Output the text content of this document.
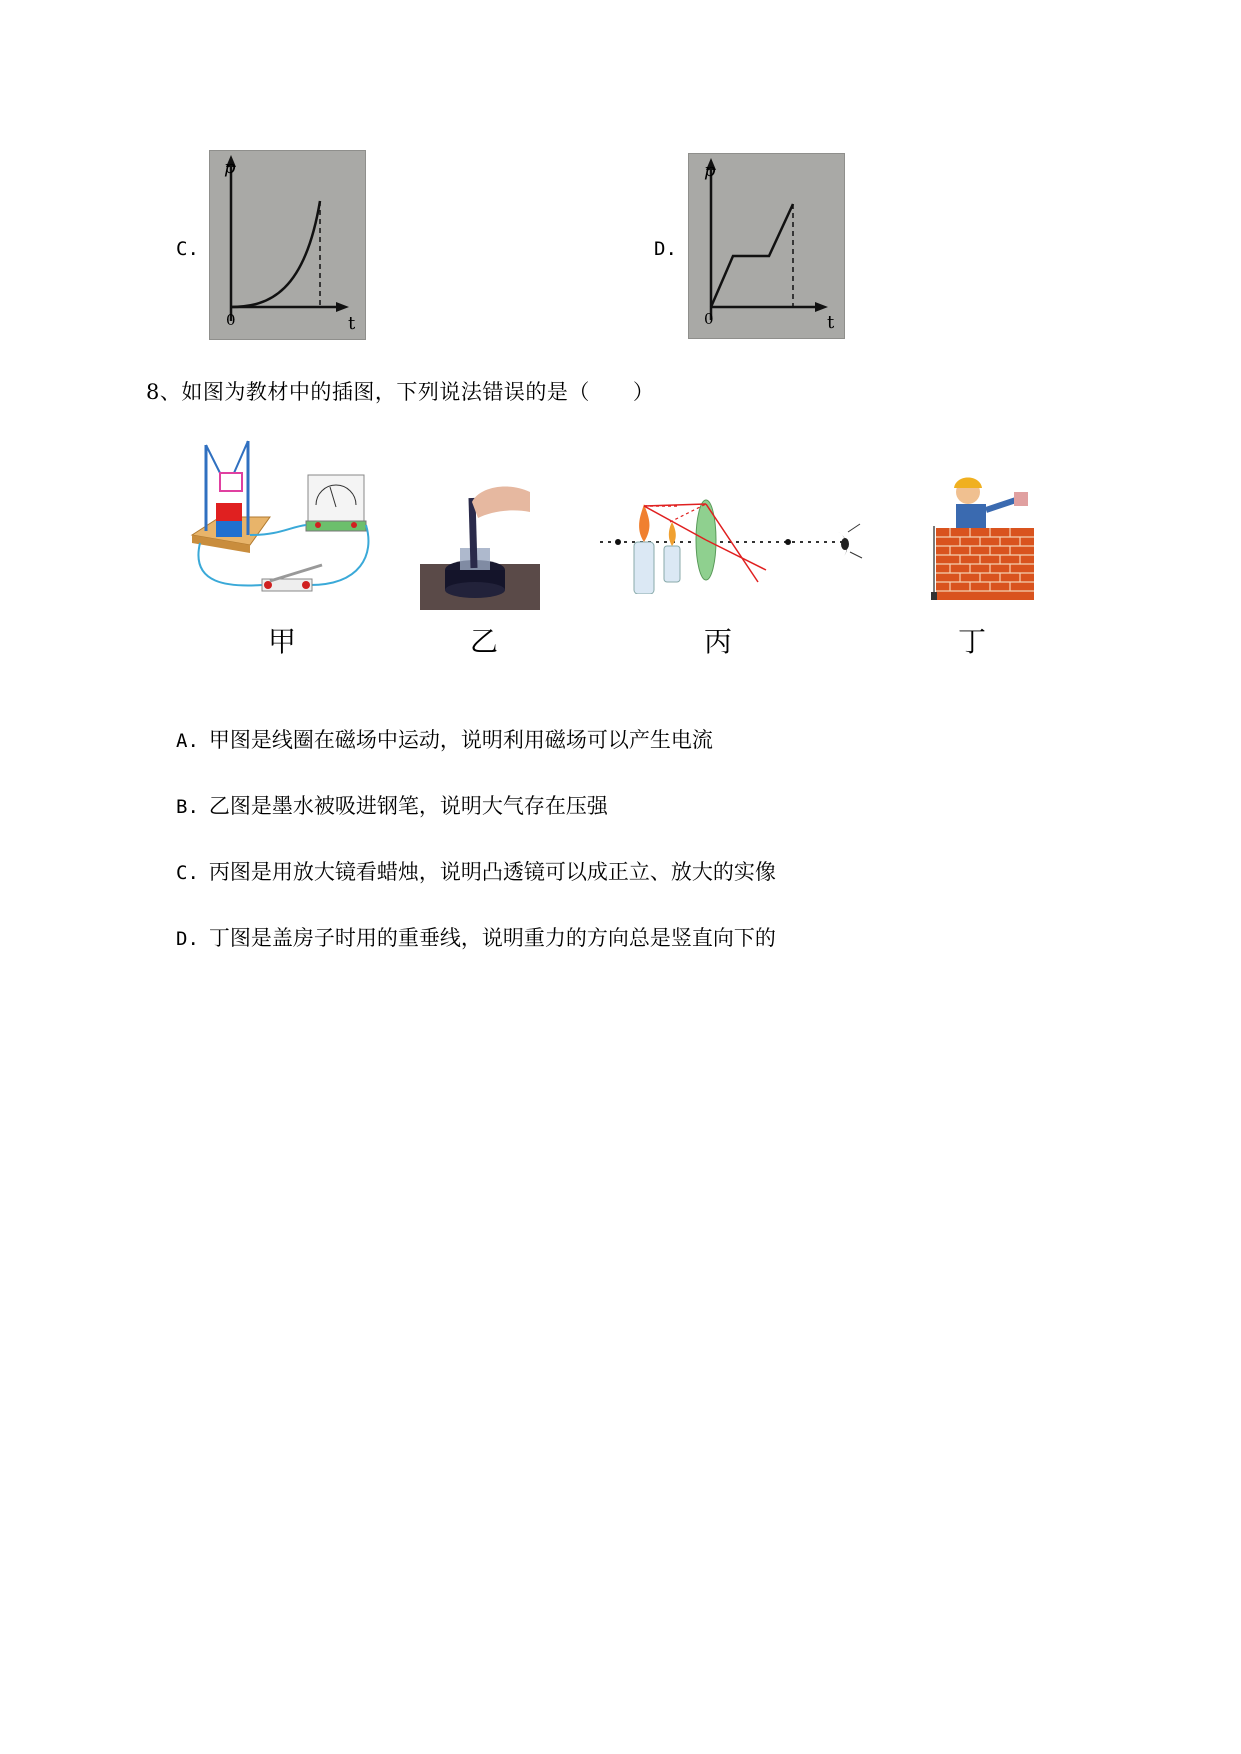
C.
p
t
0
D.
p
t
0
8、如图为教材中的插图，下列说法错误的是（　　）
甲	乙	丙	丁
A. 甲图是线圈在磁场中运动，说明利用磁场可以产生电流
B. 乙图是墨水被吸进钢笔，说明大气存在压强
C. 丙图是用放大镜看蜡烛，说明凸透镜可以成正立、放大的实像
D. 丁图是盖房子时用的重垂线，说明重力的方向总是竖直向下的
